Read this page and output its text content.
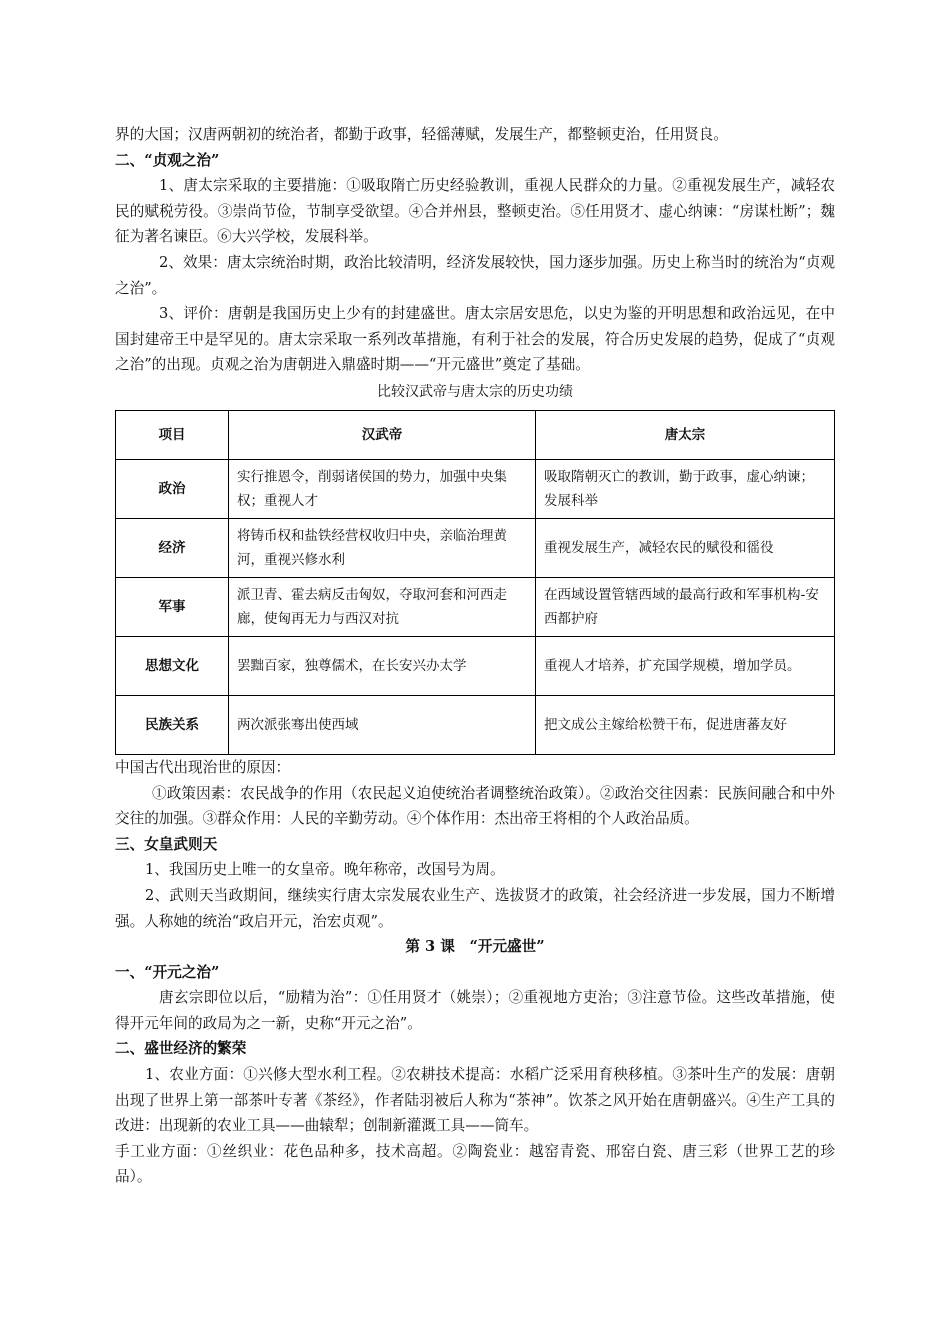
界的大国；汉唐两朝初的统治者，都勤于政事，轻徭薄赋，发展生产，都整顿吏治，任用贤良。

二、“贞观之治”

1、唐太宗采取的主要措施：①吸取隋亡历史经验教训，重视人民群众的力量。②重视发展生产，减轻农民的赋税劳役。③崇尚节俭，节制享受欲望。④合并州县，整顿吏治。⑤任用贤才、虚心纳谏：“房谋杜断”；魏征为著名谏臣。⑥大兴学校，发展科举。

2、效果：唐太宗统治时期，政治比较清明，经济发展较快，国力逐步加强。历史上称当时的统治为“贞观之治”。

3、评价：唐朝是我国历史上少有的封建盛世。唐太宗居安思危，以史为鉴的开明思想和政治远见，在中国封建帝王中是罕见的。唐太宗采取一系列改革措施，有利于社会的发展，符合历史发展的趋势，促成了“贞观之治”的出现。贞观之治为唐朝进入鼎盛时期——“开元盛世”奠定了基础。

比较汉武帝与唐太宗的历史功绩
项目	汉武帝	唐太宗
政治	实行推恩令，削弱诸侯国的势力，加强中央集权；重视人才	吸取隋朝灭亡的教训，勤于政事，虚心纳谏；发展科举
经济	将铸币权和盐铁经营权收归中央，亲临治理黄河，重视兴修水利	重视发展生产，减轻农民的赋役和徭役
军事	派卫青、霍去病反击匈奴，夺取河套和河西走廊，使匈再无力与西汉对抗	在西域设置管辖西域的最高行政和军事机构-安西都护府
思想文化	罢黜百家，独尊儒术，在长安兴办太学	重视人才培养，扩充国学规模，增加学员。
民族关系	两次派张骞出使西域	把文成公主嫁给松赞干布，促进唐蕃友好

中国古代出现治世的原因：

①政策因素：农民战争的作用（农民起义迫使统治者调整统治政策）。②政治交往因素：民族间融合和中外交往的加强。③群众作用：人民的辛勤劳动。④个体作用：杰出帝王将相的个人政治品质。

三、女皇武则天

1、我国历史上唯一的女皇帝。晚年称帝，改国号为周。

2、武则天当政期间，继续实行唐太宗发展农业生产、选拔贤才的政策，社会经济进一步发展，国力不断增强。人称她的统治“政启开元，治宏贞观”。

第 3 课　“开元盛世”

一、“开元之治”

唐玄宗即位以后，“励精为治”：①任用贤才（姚崇）；②重视地方吏治；③注意节俭。这些改革措施，使得开元年间的政局为之一新，史称“开元之治”。

二、盛世经济的繁荣

1、农业方面：①兴修大型水利工程。②农耕技术提高：水稻广泛采用育秧移植。③茶叶生产的发展：唐朝出现了世界上第一部茶叶专著《茶经》，作者陆羽被后人称为“茶神”。饮茶之风开始在唐朝盛兴。④生产工具的改进：出现新的农业工具——曲辕犁；创制新灌溉工具——筒车。

手工业方面：①丝织业：花色品种多，技术高超。②陶瓷业：越窑青瓷、邢窑白瓷、唐三彩（世界工艺的珍品）。
